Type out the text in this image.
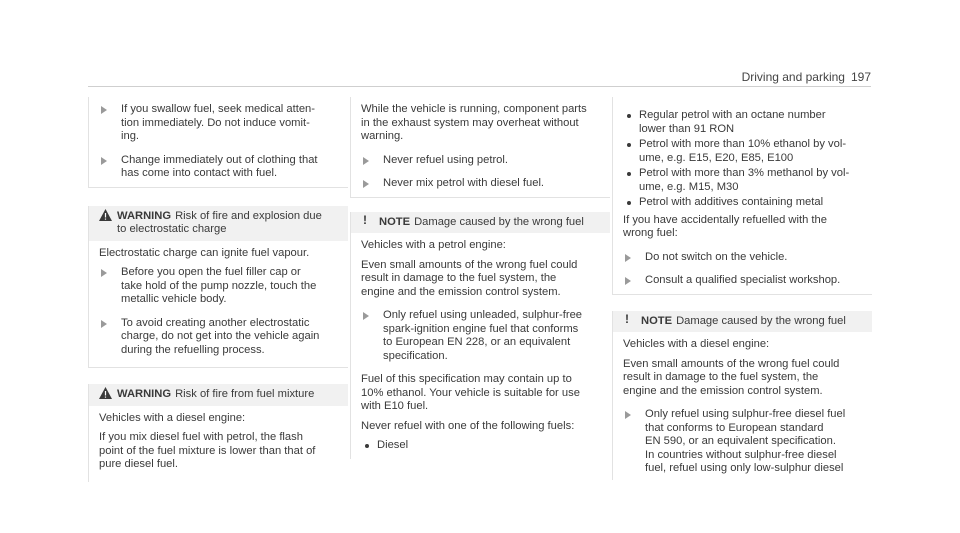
Driving and parking 197
If you swallow fuel, seek medical atten-
tion immediately. Do not induce vomit-
ing.
Change immediately out of clothing that
has come into contact with fuel.
WARNING Risk of fire and explosion due
to electrostatic charge
Electrostatic charge can ignite fuel vapour.
Before you open the fuel filler cap or
take hold of the pump nozzle, touch the
metallic vehicle body.
To avoid creating another electrostatic
charge, do not get into the vehicle again
during the refuelling process.
WARNING Risk of fire from fuel mixture
Vehicles with a diesel engine:
If you mix diesel fuel with petrol, the flash
point of the fuel mixture is lower than that of
pure diesel fuel.
While the vehicle is running, component parts
in the exhaust system may overheat without
warning.
Never refuel using petrol.
Never mix petrol with diesel fuel.
! NOTE Damage caused by the wrong fuel
Vehicles with a petrol engine:
Even small amounts of the wrong fuel could
result in damage to the fuel system, the
engine and the emission control system.
Only refuel using unleaded, sulphur-free
spark-ignition engine fuel that conforms
to European EN 228, or an equivalent
specification.
Fuel of this specification may contain up to
10% ethanol. Your vehicle is suitable for use
with E10 fuel.
Never refuel with one of the following fuels:
Diesel
Regular petrol with an octane number
lower than 91 RON
Petrol with more than 10% ethanol by vol-
ume, e.g. E15, E20, E85, E100
Petrol with more than 3% methanol by vol-
ume, e.g. M15, M30
Petrol with additives containing metal
If you have accidentally refuelled with the
wrong fuel:
Do not switch on the vehicle.
Consult a qualified specialist workshop.
! NOTE Damage caused by the wrong fuel
Vehicles with a diesel engine:
Even small amounts of the wrong fuel could
result in damage to the fuel system, the
engine and the emission control system.
Only refuel using sulphur-free diesel fuel
that conforms to European standard
EN 590, or an equivalent specification.
In countries without sulphur-free diesel
fuel, refuel using only low-sulphur diesel
